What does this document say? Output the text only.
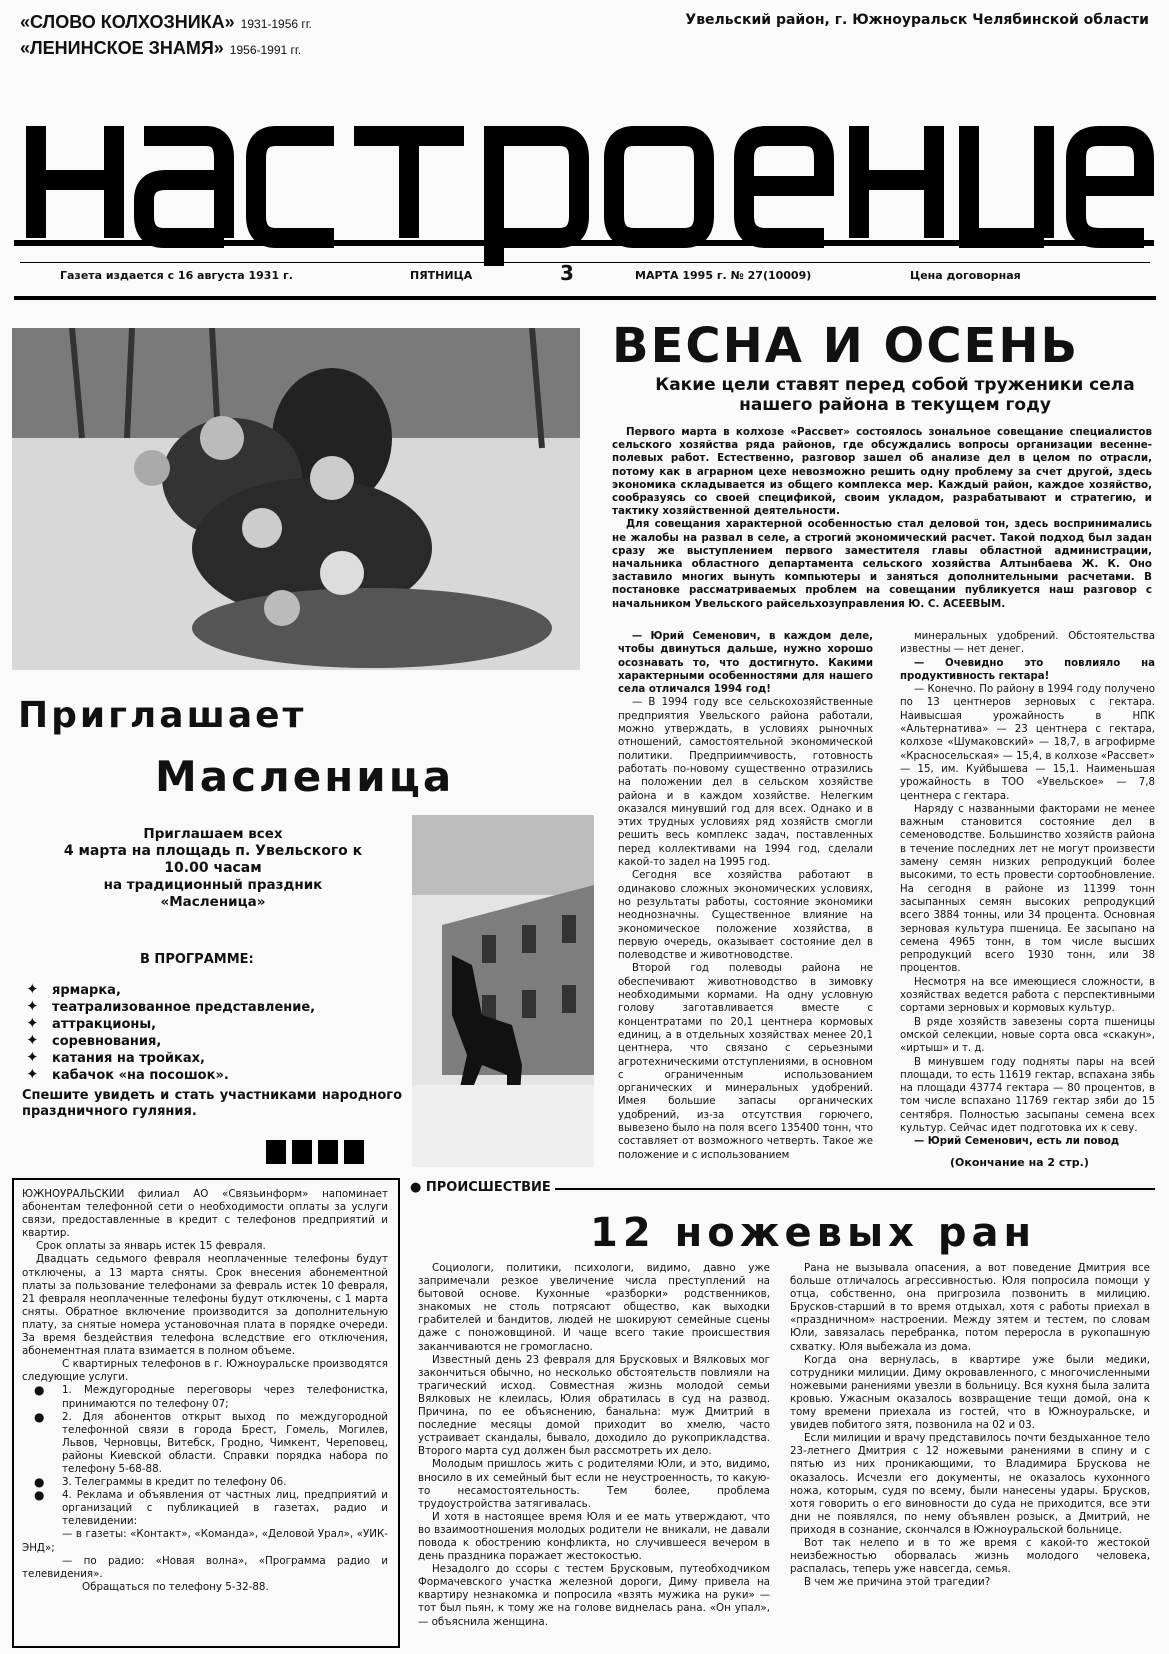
«СЛОВО КОЛХОЗНИКА» 1931-1956 гг.
«ЛЕНИНСКОЕ ЗНАМЯ» 1956-1991 гг.
Увельский район, г. Южноуральск Челябинской области
Газета издается с 16 августа 1931 г.	ПЯТНИЦА	3	МАРТА 1995 г. № 27(10009)	Цена договорная
ВЕСНА И ОСЕНЬ
Какие цели ставят перед собой труженики села нашего района в текущем году

Первого марта в колхозе «Рассвет» состоялось зональное совещание специалистов сельского хозяйства ряда районов, где обсуждались вопросы организации весенне-полевых работ. Естественно, разговор зашел об анализе дел в целом по отрасли, потому как в аграрном цехе невозможно решить одну проблему за счет другой, здесь экономика складывается из общего комплекса мер. Каждый район, каждое хозяйство, сообразуясь со своей спецификой, своим укладом, разрабатывают и стратегию, и тактику хозяйственной деятельности.

Для совещания характерной особенностью стал деловой тон, здесь воспринимались не жалобы на развал в селе, а строгий экономический расчет. Такой подход был задан сразу же выступлением первого заместителя главы областной администрации, начальника областного департамента сельского хозяйства Алтынбаева Ж. К. Оно заставило многих вынуть компьютеры и заняться дополнительными расчетами. В постановке рассматриваемых проблем на совещании публикуется наш разговор с начальником Увельского райсельхозуправления Ю. С. АСЕЕВЫМ.

— Юрий Семенович, в каждом деле, чтобы двинуться дальше, нужно хорошо осознавать то, что достигнуто. Какими характерными особенностями для нашего села отличался 1994 год!

— В 1994 году все сельскохозяйственные предприятия Увельского района работали, можно утверждать, в условиях рыночных отношений, самостоятельной экономической политики. Предприимчивость, готовность работать по-новому существенно отразились на положении дел в сельском хозяйстве района и в каждом хозяйстве. Нелегким оказался минувший год для всех. Однако и в этих трудных условиях ряд хозяйств смогли решить весь комплекс задач, поставленных перед коллективами на 1994 год, сделали какой-то задел на 1995 год.

Сегодня все хозяйства работают в одинаково сложных экономических условиях, но результаты работы, состояние экономики неоднозначны. Существенное влияние на экономическое положение хозяйства, в первую очередь, оказывает состояние дел в полеводстве и животноводстве.

Второй год полеводы района не обеспечивают животноводство в зимовку необходимыми кормами. На одну условную голову заготавливается вместе с концентратами по 20,1 центнера кормовых единиц, а в отдельных хозяйствах менее 20,1 центнера, что связано с серьезными агротехническими отступлениями, в основном с ограниченным использованием органических и минеральных удобрений. Имея большие запасы органических удобрений, из-за отсутствия горючего, вывезено было на поля всего 135400 тонн, что составляет от возможного четверть. Такое же положение и с использованием

минеральных удобрений. Обстоятельства известны — нет денег.

— Очевидно это повлияло на продуктивность гектара!

— Конечно. По району в 1994 году получено по 13 центнеров зерновых с гектара. Наивысшая урожайность в НПК «Альтернатива» — 23 центнера с гектара, колхозе «Шумаковский» — 18,7, в агрофирме «Красносельская» — 15,4, в колхозе «Рассвет» — 15, им. Куйбышева — 15,1. Наименьшая урожайность в ТОО «Увельское» — 7,8 центнера с гектара.

Наряду с названными факторами не менее важным становится состояние дел в семеноводстве. Большинство хозяйств района в течение последних лет не могут произвести замену семян низких репродукций более высокими, то есть провести сортообновление. На сегодня в районе из 11399 тонн засыпанных семян высоких репродукций всего 3884 тонны, или 34 процента. Основная зерновая культура пшеница. Ее засыпано на семена 4965 тонн, в том числе высших репродукций всего 1930 тонн, или 38 процентов.

Несмотря на все имеющиеся сложности, в хозяйствах ведется работа с перспективными сортами зерновых и кормовых культур.

В ряде хозяйств завезены сорта пшеницы омской селекции, новые сорта овса «скакун», «иртыш» и т. д.

В минувшем году подняты пары на всей площади, то есть 11619 гектар, вспахана зябь на площади 43774 гектара — 80 процентов, в том числе вспахано 11769 гектар зяби до 15 сентября. Полностью засыпаны семена всех культур. Сейчас идет подготовка их к севу.

— Юрий Семенович, есть ли повод

(Окончание на 2 стр.)
Приглашает
Масленица
Приглашаем всех
4 марта на площадь п. Увельского к
10.00 часам
на традиционный праздник
«Масленица»
В ПРОГРАММЕ:
✦ ярмарка,
✦ театрализованное представление,
✦ аттракционы,
✦ соревнования,
✦ катания на тройках,
✦ кабачок «на посошок».
Спешите увидеть и стать участниками народного праздничного гуляния.

ЮЖНОУРАЛЬСКИЙ филиал АО «Связьинформ» напоминает абонентам телефонной сети о необходимости оплаты за услуги связи, предоставленные в кредит с телефонов предприятий и квартир.

Срок оплаты за январь истек 15 февраля.

Двадцать седьмого февраля неоплаченные телефоны будут отключены, а 13 марта сняты. Срок внесения абонементной платы за пользование телефонами за февраль истек 10 февраля, 21 февраля неоплаченные телефоны будут отключены, с 1 марта сняты. Обратное включение производится за дополнительную плату, за снятые номера установочная плата в порядке очереди. За время бездействия телефона вследствие его отключения, абонементная плата взимается в полном объеме.

С квартирных телефонов в г. Южноуральске производятся следующие услуги.

● 1. Междугородные переговоры через телефонистка, принимаются по телефону 07;
● 2. Для абонентов открыт выход по междугородной телефонной связи в города Брест, Гомель, Могилев, Львов, Черновцы, Витебск, Гродно, Чимкент, Череповец, районы Киевской области. Справки порядка набора по телефону 5-68-88.
● 3. Телеграммы в кредит по телефону 06.
● 4. Реклама и объявления от частных лиц, предприятий и организаций с публикацией в газетах, радио и телевидении:

— в газеты: «Контакт», «Команда», «Деловой Урал», «УИК-ЭНД»;

— по радио: «Новая волна», «Программа радио и телевидения».

Обращаться по телефону 5-32-88.

● ПРОИСШЕСТВИЕ
12 ножевых ран

Социологи, политики, психологи, видимо, давно уже запримечали резкое увеличение числа преступлений на бытовой основе. Кухонные «разборки» родственников, знакомых не столь потрясают общество, как выходки грабителей и бандитов, людей не шокируют семейные сцены даже с поножовщиной. И чаще всего такие происшествия заканчиваются не громогласно.

Известный день 23 февраля для Брусковых и Вялковых мог закончиться обычно, но несколько обстоятельств повлияли на трагический исход. Совместная жизнь молодой семьи Вялковых не клеилась, Юлия обратилась в суд на развод. Причина, по ее объяснению, банальна: муж Дмитрий в последние месяцы домой приходит во хмелю, часто устраивает скандалы, бывало, доходило до рукоприкладства. Второго марта суд должен был рассмотреть их дело.

Молодым пришлось жить с родителями Юли, и это, видимо, вносило в их семейный быт если не неустроенность, то какую-то несамостоятельность. Тем более, проблема трудоустройства затягивалась.

И хотя в настоящее время Юля и ее мать утверждают, что во взаимоотношения молодых родители не вникали, не давали повода к обострению конфликта, но случившееся вечером в день праздника поражает жестокостью.

Незадолго до ссоры с тестем Брусковым, путеобходчиком Формачевского участка железной дороги, Диму привела на квартиру незнакомка и попросила «взять мужика на руки» — тот был пьян, к тому же на голове виднелась рана. «Он упал», — объяснила женщина.

Рана не вызывала опасения, а вот поведение Дмитрия все больше отличалось агрессивностью. Юля попросила помощи у отца, собственно, она пригрозила позвонить в милицию. Брусков-старший в то время отдыхал, хотя с работы приехал в «праздничном» настроении. Между зятем и тестем, по словам Юли, завязалась перебранка, потом переросла в рукопашную схватку. Юля выбежала из дома.

Когда она вернулась, в квартире уже были медики, сотрудники милиции. Диму окровавленного, с многочисленными ножевыми ранениями увезли в больницу. Вся кухня была залита кровью. Ужасным оказалось возвращение тещи домой, она к тому времени приехала из гостей, что в Южноуральске, и увидев побитого зятя, позвонила на 02 и 03.

Если милиции и врачу представилось почти бездыханное тело 23-летнего Дмитрия с 12 ножевыми ранениями в спину и с пятью из них проникающими, то Владимира Брускова не оказалось. Исчезли его документы, не оказалось кухонного ножа, которым, судя по всему, были нанесены удары. Брусков, хотя говорить о его виновности до суда не приходится, все эти дни не появлялся, по нему объявлен розыск, а Дмитрий, не приходя в сознание, скончался в Южноуральской больнице.

Вот так нелепо и в то же время с какой-то жестокой неизбежностью оборвалась жизнь молодого человека, распалась, теперь уже навсегда, семья.

В чем же причина этой трагедии?
